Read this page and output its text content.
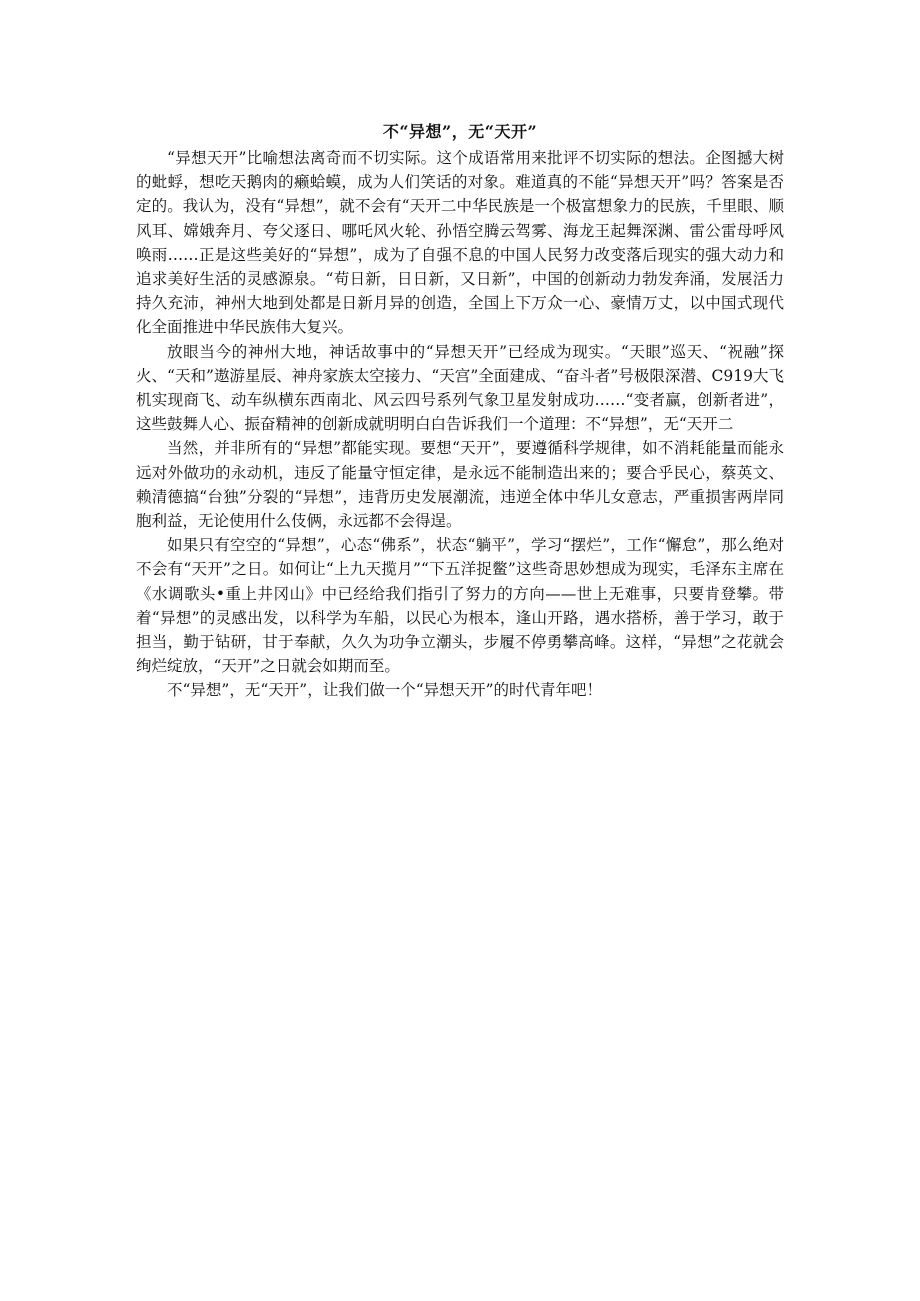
不“异想”，无“天开”

“异想天开”比喻想法离奇而不切实际。这个成语常用来批评不切实际的想法。企图撼大树的蚍蜉，想吃天鹅肉的癞蛤蟆，成为人们笑话的对象。难道真的不能“异想天开”吗？答案是否定的。我认为，没有“异想”，就不会有“天开二中华民族是一个极富想象力的民族，千里眼、顺风耳、嫦娥奔月、夸父逐日、哪吒风火轮、孙悟空腾云驾雾、海龙王起舞深渊、雷公雷母呼风唤雨……正是这些美好的“异想”，成为了自强不息的中国人民努力改变落后现实的强大动力和追求美好生活的灵感源泉。“苟日新，日日新，又日新”，中国的创新动力勃发奔涌，发展活力持久充沛，神州大地到处都是日新月异的创造，全国上下万众一心、豪情万丈，以中国式现代化全面推进中华民族伟大复兴。

放眼当今的神州大地，神话故事中的“异想天开”已经成为现实。“天眼”巡天、“祝融”探火、“天和”遨游星辰、神舟家族太空接力、“天宫”全面建成、“奋斗者”号极限深潜、C919大飞机实现商飞、动车纵横东西南北、风云四号系列气象卫星发射成功……“变者赢，创新者进”，这些鼓舞人心、振奋精神的创新成就明明白白告诉我们一个道理：不“异想”，无“天开二

当然，并非所有的“异想”都能实现。要想“天开”，要遵循科学规律，如不消耗能量而能永远对外做功的永动机，违反了能量守恒定律，是永远不能制造出来的；要合乎民心，蔡英文、赖清德搞“台独”分裂的“异想”，违背历史发展潮流，违逆全体中华儿女意志，严重损害两岸同胞利益，无论使用什么伎俩，永远都不会得逞。

如果只有空空的“异想”，心态“佛系”，状态“躺平”，学习“摆烂”，工作“懈怠”，那么绝对不会有“天开”之日。如何让“上九天揽月”“下五洋捉鳖”这些奇思妙想成为现实，毛泽东主席在《水调歌头•重上井冈山》中已经给我们指引了努力的方向——世上无难事，只要肯登攀。带着“异想”的灵感出发，以科学为车船，以民心为根本，逢山开路，遇水搭桥，善于学习，敢于担当，勤于钻研，甘于奉献，久久为功争立潮头，步履不停勇攀高峰。这样，“异想”之花就会绚烂绽放，“天开”之日就会如期而至。

不“异想”，无“天开”，让我们做一个“异想天开”的时代青年吧！
